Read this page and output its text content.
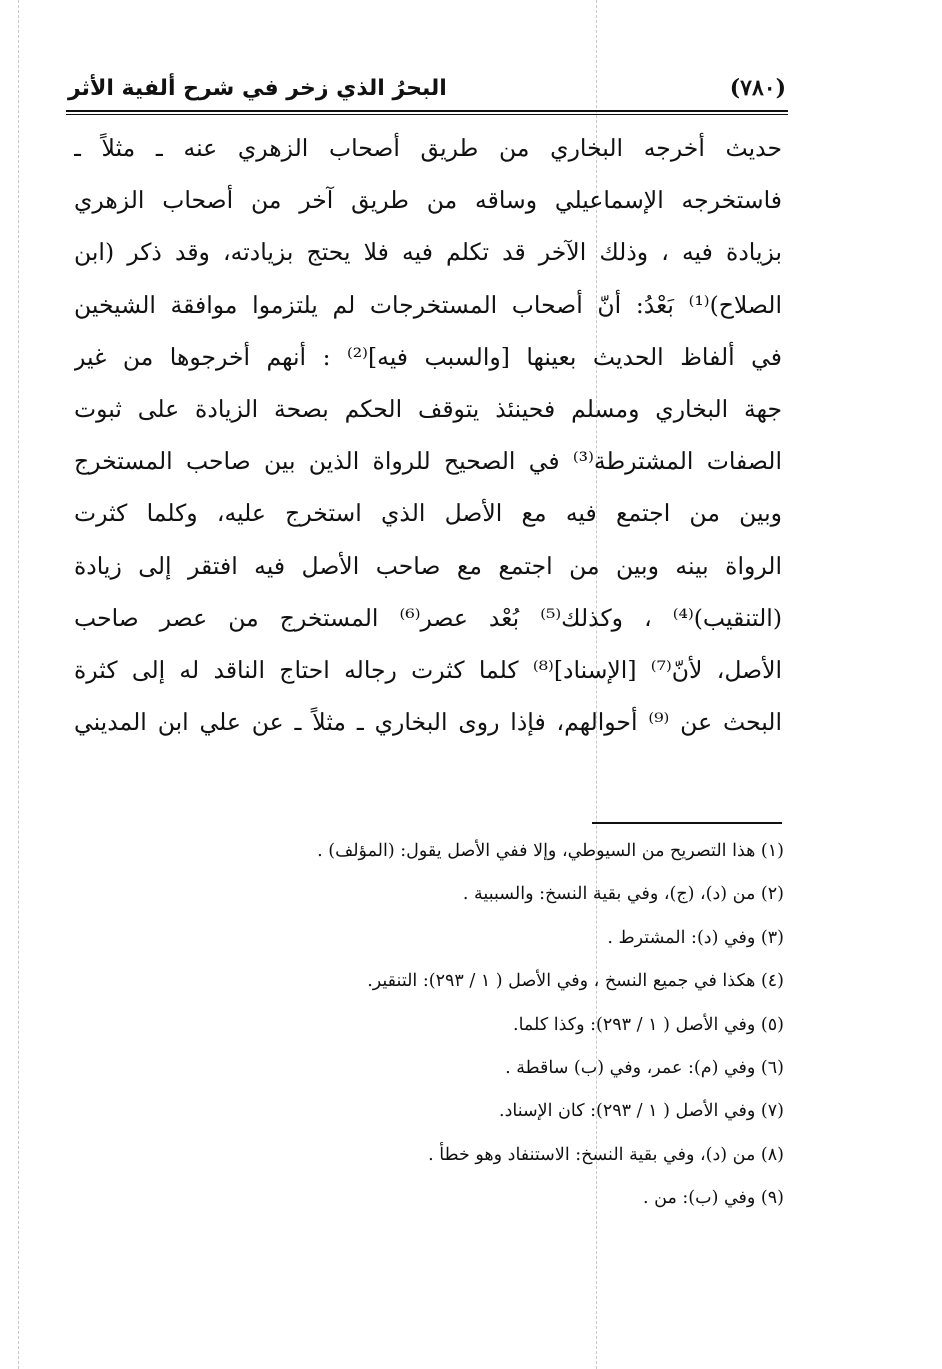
(٧٨٠)
البحرُ الذي زخر في شرح ألفية الأثر
حديث أخرجه البخاري من طريق أصحاب الزهري عنه ـ مثلاً ـ
فاستخرجه الإسماعيلي وساقه من طريق آخر من أصحاب الزهري
بزيادة فيه ، وذلك الآخر قد تكلم فيه فلا يحتج بزيادته، وقد ذكر (ابن
الصلاح)⁽¹⁾ بَعْدُ: أنّ أصحاب المستخرجات لم يلتزموا موافقة الشيخين
في ألفاظ الحديث بعينها [والسبب فيه]⁽²⁾ : أنهم أخرجوها من غير
جهة البخاري ومسلم فحينئذ يتوقف الحكم بصحة الزيادة على ثبوت
الصفات المشترطة⁽³⁾ في الصحيح للرواة الذين بين صاحب المستخرج
وبين من اجتمع فيه مع الأصل الذي استخرج عليه، وكلما كثرت
الرواة بينه وبين من اجتمع مع صاحب الأصل فيه افتقر إلى زيادة
(التنقيب)⁽⁴⁾ ، وكذلك⁽⁵⁾ بُعْد عصر⁽⁶⁾ المستخرج من عصر صاحب
الأصل، لأنّ⁽⁷⁾ [الإسناد]⁽⁸⁾ كلما كثرت رجاله احتاج الناقد له إلى كثرة
البحث عن ⁽⁹⁾ أحوالهم، فإذا روى البخاري ـ مثلاً ـ عن علي ابن المديني
(١) هذا التصريح من السيوطي، وإلا ففي الأصل يقول: (المؤلف) .
(٢) من (د)، (ج)، وفي بقية النسخ: والسببية .
(٣) وفي (د): المشترط .
(٤) هكذا في جميع النسخ ، وفي الأصل ( ١ / ٢٩٣): التنقير.
(٥) وفي الأصل ( ١ / ٢٩٣): وكذا كلما.
(٦) وفي (م): عمر، وفي (ب) ساقطة .
(٧) وفي الأصل ( ١ / ٢٩٣): كان الإسناد.
(٨) من (د)، وفي بقية النسخ: الاستنفاد وهو خطأ .
(٩) وفي (ب): من .
